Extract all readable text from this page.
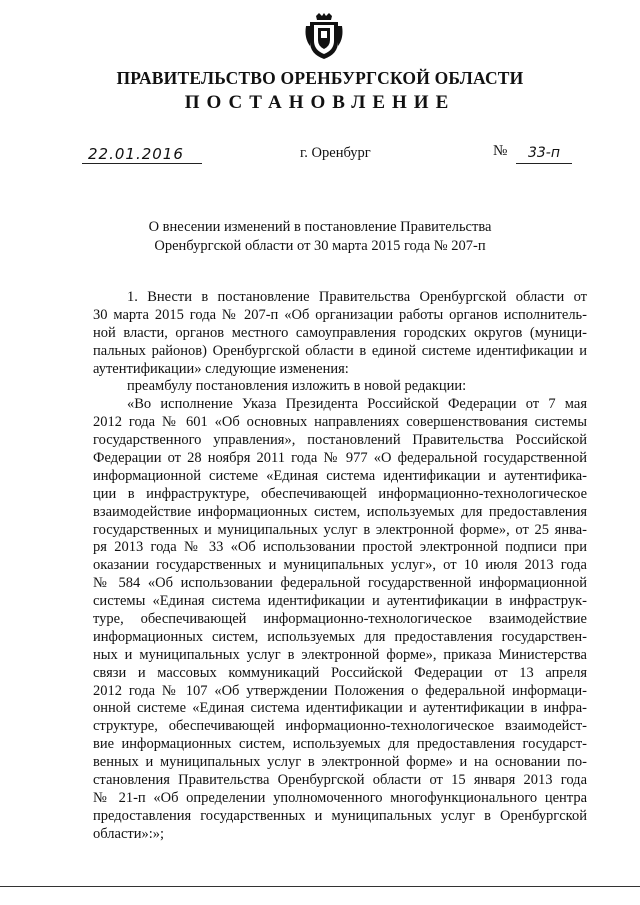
ПРАВИТЕЛЬСТВО ОРЕНБУРГСКОЙ ОБЛАСТИ
ПОСТАНОВЛЕНИЕ
22.01.2016	г. Оренбург	№	33-п
О внесении изменений в постановление Правительства
Оренбургской области от 30 марта 2015 года № 207-п
1. Внести в постановление Правительства Оренбургской области от
30 марта 2015 года № 207-п «Об организации работы органов исполнитель-
ной власти, органов местного самоуправления городских округов (муници-
пальных районов) Оренбургской области в единой системе идентификации и
аутентификации» следующие изменения:
преамбулу постановления изложить в новой редакции:
«Во исполнение Указа Президента Российской Федерации от 7 мая
2012 года № 601 «Об основных направлениях совершенствования системы
государственного управления», постановлений Правительства Российской
Федерации от 28 ноября 2011 года № 977 «О федеральной государственной
информационной системе «Единая система идентификации и аутентифика-
ции в инфраструктуре, обеспечивающей информационно-технологическое
взаимодействие информационных систем, используемых для предоставления
государственных и муниципальных услуг в электронной форме», от 25 янва-
ря 2013 года № 33 «Об использовании простой электронной подписи при
оказании государственных и муниципальных услуг», от 10 июля 2013 года
№ 584 «Об использовании федеральной государственной информационной
системы «Единая система идентификации и аутентификации в инфраструк-
туре, обеспечивающей информационно-технологическое взаимодействие
информационных систем, используемых для предоставления государствен-
ных и муниципальных услуг в электронной форме», приказа Министерства
связи и массовых коммуникаций Российской Федерации от 13 апреля
2012 года № 107 «Об утверждении Положения о федеральной информаци-
онной системе «Единая система идентификации и аутентификации в инфра-
структуре, обеспечивающей информационно-технологическое взаимодейст-
вие информационных систем, используемых для предоставления государст-
венных и муниципальных услуг в электронной форме» и на основании по-
становления Правительства Оренбургской области от 15 января 2013 года
№ 21-п «Об определении уполномоченного многофункционального центра
предоставления государственных и муниципальных услуг в Оренбургской
области»:»;
